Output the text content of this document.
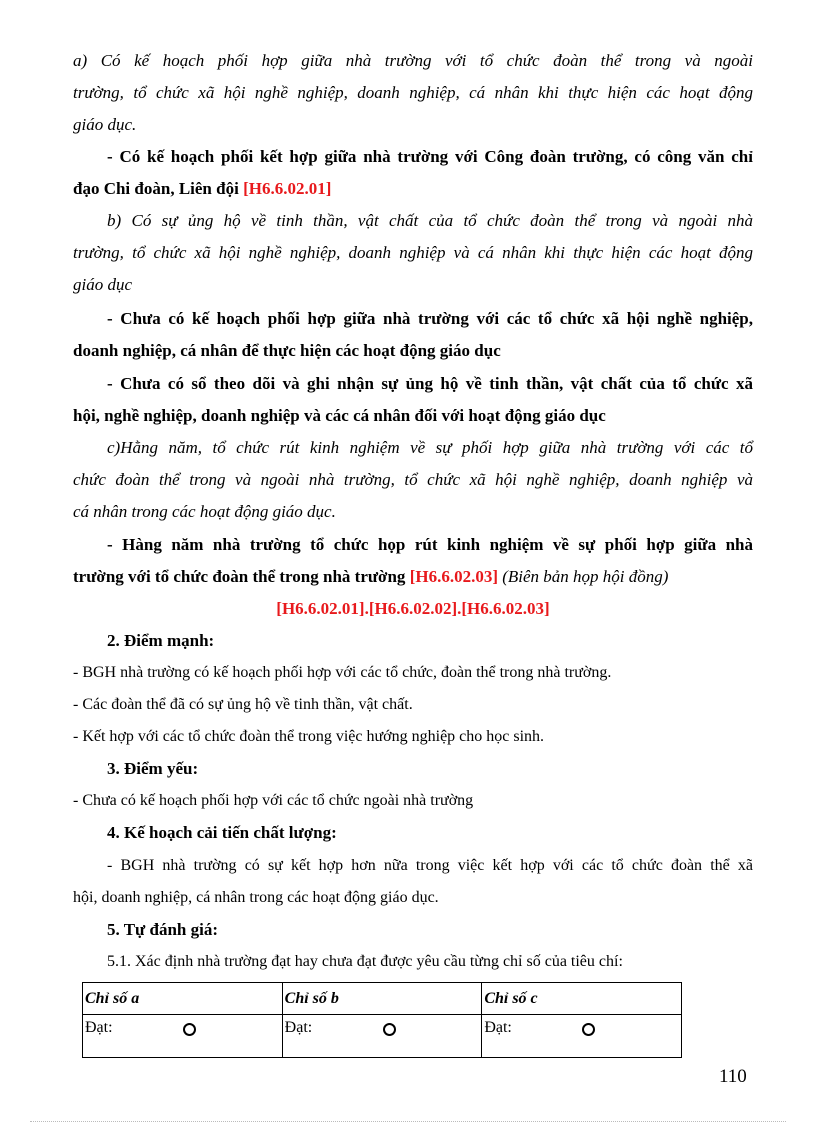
a) Có kế hoạch phối hợp giữa nhà trường với tổ chức đoàn thể trong và ngoài
trường, tổ chức xã hội nghề nghiệp, doanh nghiệp, cá nhân khi thực hiện các hoạt động
giáo dục.
- Có kế hoạch phối kết hợp giữa nhà trường với Công đoàn trường, có công văn chỉ
đạo Chi đoàn, Liên đội [H6.6.02.01]
b) Có sự ủng hộ về tinh thần, vật chất của tổ chức đoàn thể trong và ngoài nhà
trường, tổ chức xã hội nghề nghiệp, doanh nghiệp và cá nhân khi thực hiện các hoạt động
giáo dục
- Chưa có kế hoạch phối hợp giữa nhà trường với các tổ chức xã hội nghề nghiệp,
doanh nghiệp, cá nhân để thực hiện các hoạt động giáo dục
- Chưa có sổ theo dõi và ghi nhận sự ủng hộ về tinh thần, vật chất của tổ chức xã
hội, nghề nghiệp, doanh nghiệp và các cá nhân đối với hoạt động giáo dục
c)Hằng năm, tổ chức rút kinh nghiệm về sự phối hợp giữa nhà trường với các tổ
chức đoàn thể trong và ngoài nhà trường, tổ chức xã hội nghề nghiệp, doanh nghiệp và
cá nhân trong các hoạt động giáo dục.
- Hàng năm nhà trường tổ chức họp rút kinh nghiệm về sự phối hợp giữa nhà
trường với tổ chức đoàn thể trong nhà trường [H6.6.02.03] (Biên bản họp hội đồng)
[H6.6.02.01].[H6.6.02.02].[H6.6.02.03]
2. Điểm mạnh:
- BGH nhà trường có kế hoạch phối hợp với các tổ chức, đoàn thể trong nhà trường.
- Các đoàn thể đã có sự ủng hộ về tinh thần, vật chất.
- Kết hợp với các tổ chức đoàn thể trong việc hướng nghiệp cho học sinh.
3. Điểm yếu:
- Chưa có kế hoạch phối hợp với các tổ chức ngoài nhà trường
4. Kế hoạch cải tiến chất lượng:
- BGH nhà trường có sự kết hợp hơn nữa trong việc kết hợp với các tổ chức đoàn thể xã
hội, doanh nghiệp, cá nhân trong các hoạt động giáo dục.
5. Tự đánh giá:
5.1. Xác định nhà trường đạt hay chưa đạt được yêu cầu từng chỉ số của tiêu chí:
Chỉ số a	Chỉ số b	Chỉ số c
Đạt:	Đạt:	Đạt:
110
